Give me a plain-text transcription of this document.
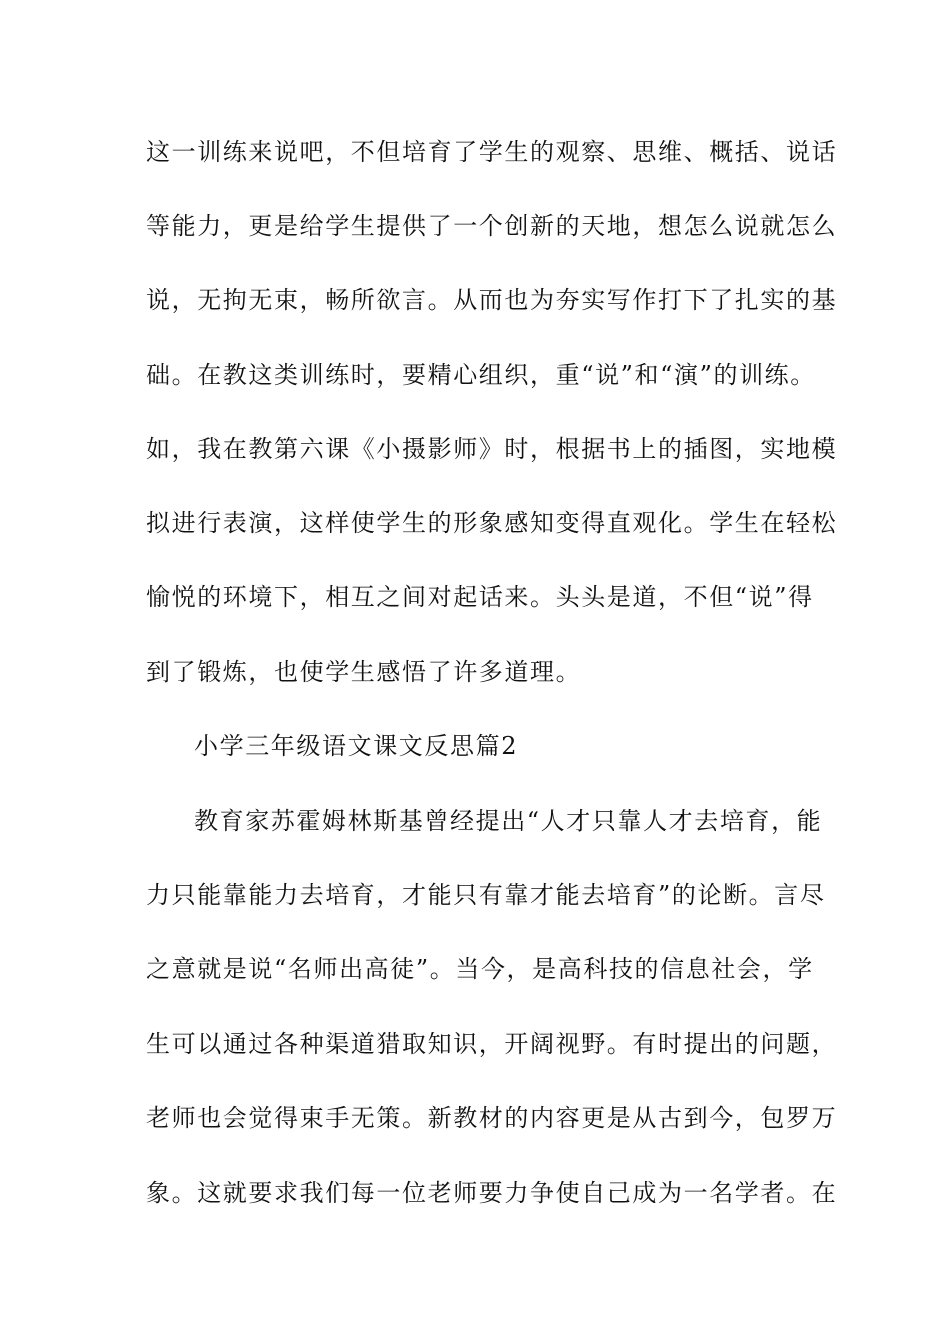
这一训练来说吧，不但培育了学生的观察、思维、概括、说话
等能力，更是给学生提供了一个创新的天地，想怎么说就怎么
说，无拘无束，畅所欲言。从而也为夯实写作打下了扎实的基
础。在教这类训练时，要精心组织，重“说”和“演”的训练。
如，我在教第六课《小摄影师》时，根据书上的插图，实地模
拟进行表演，这样使学生的形象感知变得直观化。学生在轻松
愉悦的环境下，相互之间对起话来。头头是道，不但“说”得
到了锻炼，也使学生感悟了许多道理。
小学三年级语文课文反思篇2
教育家苏霍姆林斯基曾经提出“人才只靠人才去培育，能
力只能靠能力去培育，才能只有靠才能去培育”的论断。言尽
之意就是说“名师出高徒”。当今，是高科技的信息社会，学
生可以通过各种渠道猎取知识，开阔视野。有时提出的问题，
老师也会觉得束手无策。新教材的内容更是从古到今，包罗万
象。这就要求我们每一位老师要力争使自己成为一名学者。在
